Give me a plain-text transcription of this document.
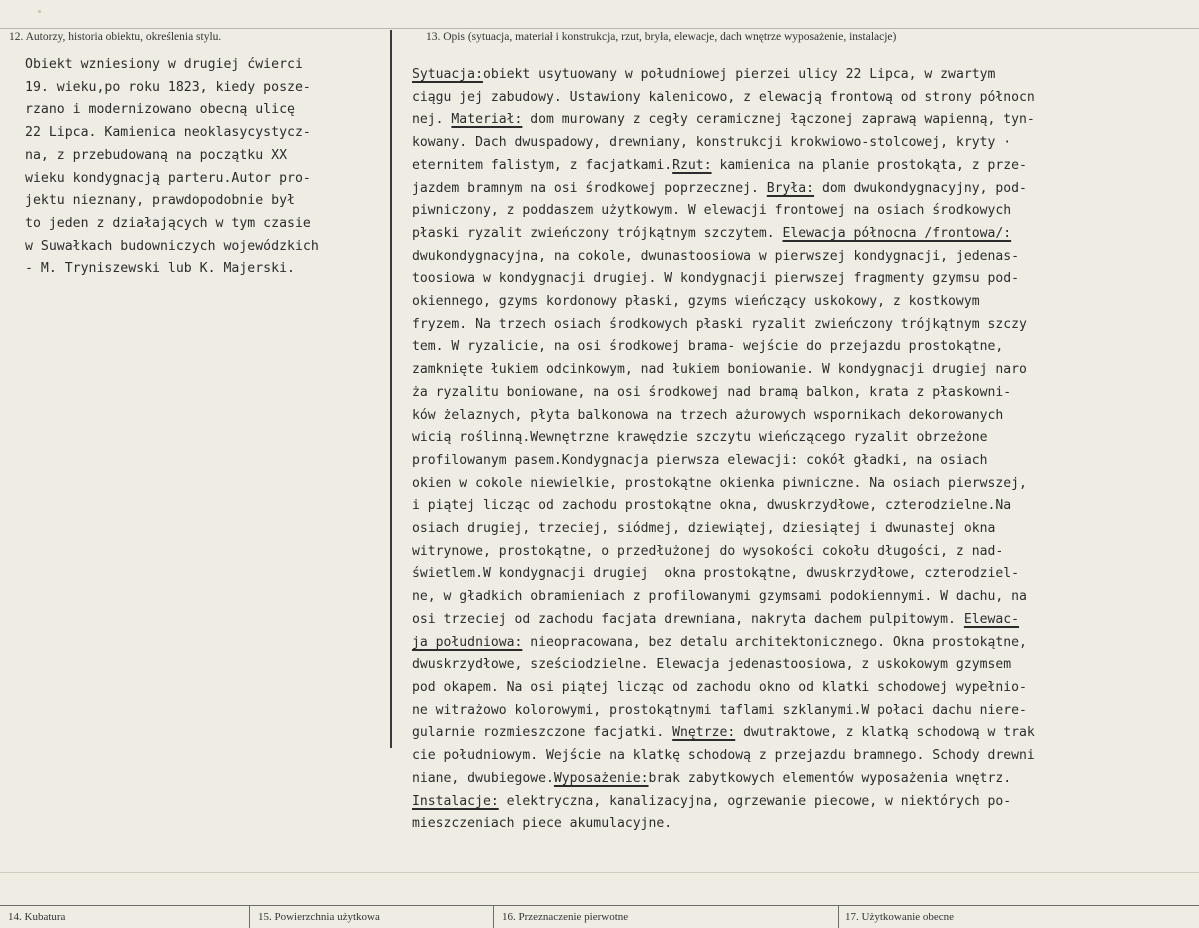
12. Autorzy, historia obiektu, określenia stylu.	13. Opis (sytuacja, materiał i konstrukcja, rzut, bryła, elewacje, dach wnętrze wyposażenie, instalacje)
Obiekt wzniesiony w drugiej ćwierci
19. wieku,po roku 1823, kiedy posze-
rzano i modernizowano obecną ulicę
22 Lipca. Kamienica neoklasycystycz-
na, z przebudowaną na początku XX
wieku kondygnacją parteru.Autor pro-
jektu nieznany, prawdopodobnie był
to jeden z działających w tym czasie
w Suwałkach budowniczych wojewódzkich
- M. Tryniszewski lub K. Majerski.
Sytuacja:obiekt usytuowany w południowej pierzei ulicy 22 Lipca, w zwartym
ciągu jej zabudowy. Ustawiony kalenicowo, z elewacją frontową od strony północn
nej. Materiał: dom murowany z cegły ceramicznej łączonej zaprawą wapienną, tyn-
kowany. Dach dwuspadowy, drewniany, konstrukcji krokwiowo-stolcowej, kryty ·
eternitem falistym, z facjatkami.Rzut: kamienica na planie prostokąta, z prze-
jazdem bramnym na osi środkowej poprzecznej. Bryła: dom dwukondygnacyjny, pod-
piwniczony, z poddaszem użytkowym. W elewacji frontowej na osiach środkowych
płaski ryzalit zwieńczony trójkątnym szczytem. Elewacja północna /frontowa/:
dwukondygnacyjna, na cokole, dwunastoosiowa w pierwszej kondygnacji, jedenas-
toosiowa w kondygnacji drugiej. W kondygnacji pierwszej fragmenty gzymsu pod-
okiennego, gzyms kordonowy płaski, gzyms wieńczący uskokowy, z kostkowym
fryzem. Na trzech osiach środkowych płaski ryzalit zwieńczony trójkątnym szczy
tem. W ryzalicie, na osi środkowej brama- wejście do przejazdu prostokątne,
zamknięte łukiem odcinkowym, nad łukiem boniowanie. W kondygnacji drugiej naro
ża ryzalitu boniowane, na osi środkowej nad bramą balkon, krata z płaskowni-
ków żelaznych, płyta balkonowa na trzech ażurowych wspornikach dekorowanych
wicią roślinną.Wewnętrzne krawędzie szczytu wieńczącego ryzalit obrzeżone
profilowanym pasem.Kondygnacja pierwsza elewacji: cokół gładki, na osiach
okien w cokole niewielkie, prostokątne okienka piwniczne. Na osiach pierwszej,
i piątej licząc od zachodu prostokątne okna, dwuskrzydłowe, czterodzielne.Na
osiach drugiej, trzeciej, siódmej, dziewiątej, dziesiątej i dwunastej okna
witrynowe, prostokątne, o przedłużonej do wysokości cokołu długości, z nad-
świetlem.W kondygnacji drugiej  okna prostokątne, dwuskrzydłowe, czterodziel-
ne, w gładkich obramieniach z profilowanymi gzymsami podokiennymi. W dachu, na
osi trzeciej od zachodu facjata drewniana, nakryta dachem pulpitowym. Elewac-
ja południowa: nieopracowana, bez detalu architektonicznego. Okna prostokątne,
dwuskrzydłowe, sześciodzielne. Elewacja jedenastoosiowa, z uskokowym gzymsem
pod okapem. Na osi piątej licząc od zachodu okno od klatki schodowej wypełnio-
ne witrażowo kolorowymi, prostokątnymi taflami szklanymi.W połaci dachu niere-
gularnie rozmieszczone facjatki. Wnętrze: dwutraktowe, z klatką schodową w trak
cie południowym. Wejście na klatkę schodową z przejazdu bramnego. Schody drewni
niane, dwubiegowe.Wyposażenie:brak zabytkowych elementów wyposażenia wnętrz.
Instalacje: elektryczna, kanalizacyjna, ogrzewanie piecowe, w niektórych po-
mieszczeniach piece akumulacyjne.
14. Kubatura	15. Powierzchnia użytkowa	16. Przeznaczenie pierwotne	17. Użytkowanie obecne
